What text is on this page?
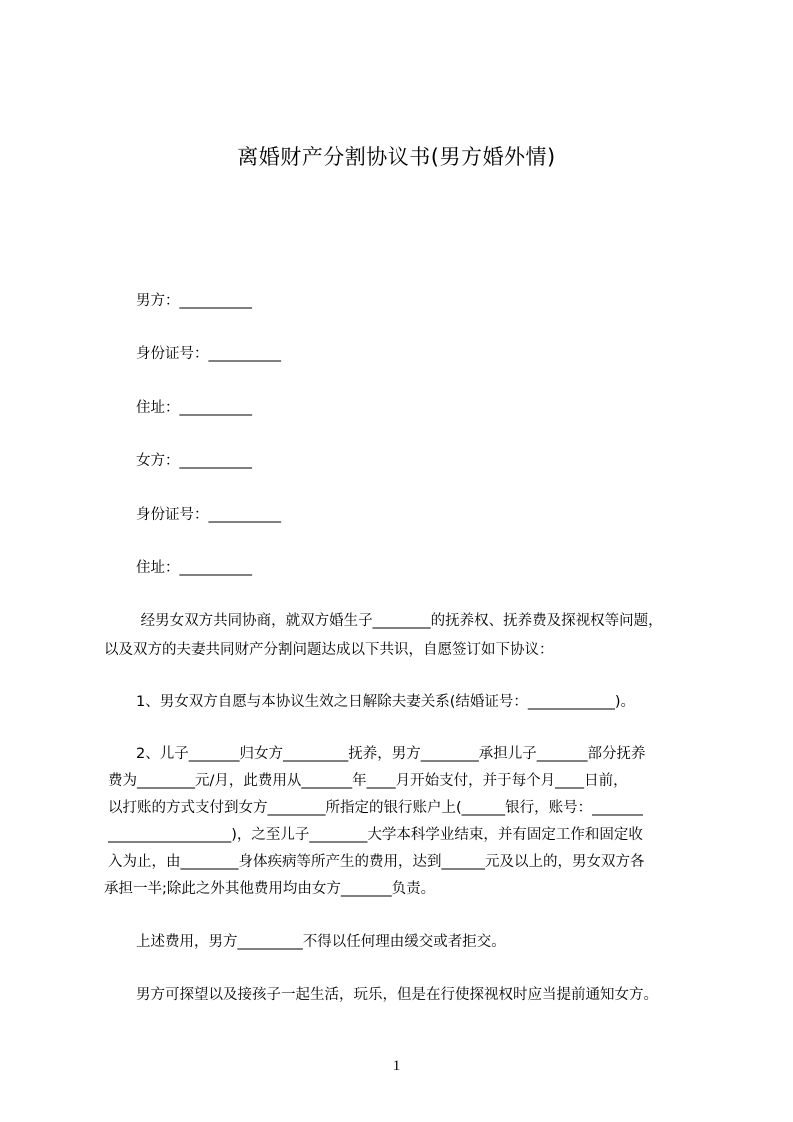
离婚财产分割协议书(男方婚外情)
男方：__________
身份证号：__________
住址：__________
女方：__________
身份证号：__________
住址：__________
经男女双方共同协商，就双方婚生子________的抚养权、抚养费及探视权等问题，
以及双方的夫妻共同财产分割问题达成以下共识，自愿签订如下协议：
1、男女双方自愿与本协议生效之日解除夫妻关系(结婚证号：____________)。
2、儿子_______归女方_________抚养，男方________承担儿子_______部分抚养
费为________元/月，此费用从_______年____月开始支付，并于每个月____日前，
以打账的方式支付到女方________所指定的银行账户上(______银行，账号：_______
_________________)，之至儿子________大学本科学业结束，并有固定工作和固定收
入为止，由________身体疾病等所产生的费用，达到______元及以上的，男女双方各
承担一半;除此之外其他费用均由女方_______负责。
上述费用，男方_________不得以任何理由缓交或者拒交。
男方可探望以及接孩子一起生活，玩乐，但是在行使探视权时应当提前通知女方。
1
